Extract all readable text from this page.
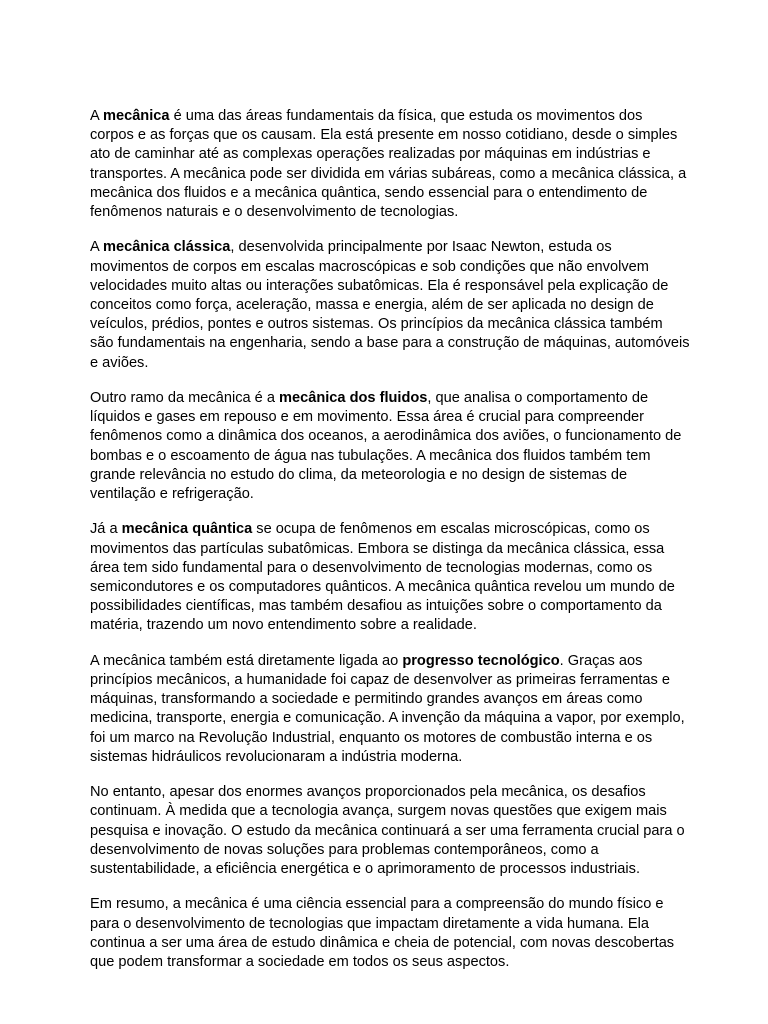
A mecânica é uma das áreas fundamentais da física, que estuda os movimentos dos corpos e as forças que os causam. Ela está presente em nosso cotidiano, desde o simples ato de caminhar até as complexas operações realizadas por máquinas em indústrias e transportes. A mecânica pode ser dividida em várias subáreas, como a mecânica clássica, a mecânica dos fluidos e a mecânica quântica, sendo essencial para o entendimento de fenômenos naturais e o desenvolvimento de tecnologias.

A mecânica clássica, desenvolvida principalmente por Isaac Newton, estuda os movimentos de corpos em escalas macroscópicas e sob condições que não envolvem velocidades muito altas ou interações subatômicas. Ela é responsável pela explicação de conceitos como força, aceleração, massa e energia, além de ser aplicada no design de veículos, prédios, pontes e outros sistemas. Os princípios da mecânica clássica também são fundamentais na engenharia, sendo a base para a construção de máquinas, automóveis e aviões.

Outro ramo da mecânica é a mecânica dos fluidos, que analisa o comportamento de líquidos e gases em repouso e em movimento. Essa área é crucial para compreender fenômenos como a dinâmica dos oceanos, a aerodinâmica dos aviões, o funcionamento de bombas e o escoamento de água nas tubulações. A mecânica dos fluidos também tem grande relevância no estudo do clima, da meteorologia e no design de sistemas de ventilação e refrigeração.

Já a mecânica quântica se ocupa de fenômenos em escalas microscópicas, como os movimentos das partículas subatômicas. Embora se distinga da mecânica clássica, essa área tem sido fundamental para o desenvolvimento de tecnologias modernas, como os semicondutores e os computadores quânticos. A mecânica quântica revelou um mundo de possibilidades científicas, mas também desafiou as intuições sobre o comportamento da matéria, trazendo um novo entendimento sobre a realidade.

A mecânica também está diretamente ligada ao progresso tecnológico. Graças aos princípios mecânicos, a humanidade foi capaz de desenvolver as primeiras ferramentas e máquinas, transformando a sociedade e permitindo grandes avanços em áreas como medicina, transporte, energia e comunicação. A invenção da máquina a vapor, por exemplo, foi um marco na Revolução Industrial, enquanto os motores de combustão interna e os sistemas hidráulicos revolucionaram a indústria moderna.

No entanto, apesar dos enormes avanços proporcionados pela mecânica, os desafios continuam. À medida que a tecnologia avança, surgem novas questões que exigem mais pesquisa e inovação. O estudo da mecânica continuará a ser uma ferramenta crucial para o desenvolvimento de novas soluções para problemas contemporâneos, como a sustentabilidade, a eficiência energética e o aprimoramento de processos industriais.

Em resumo, a mecânica é uma ciência essencial para a compreensão do mundo físico e para o desenvolvimento de tecnologias que impactam diretamente a vida humana. Ela continua a ser uma área de estudo dinâmica e cheia de potencial, com novas descobertas que podem transformar a sociedade em todos os seus aspectos.
